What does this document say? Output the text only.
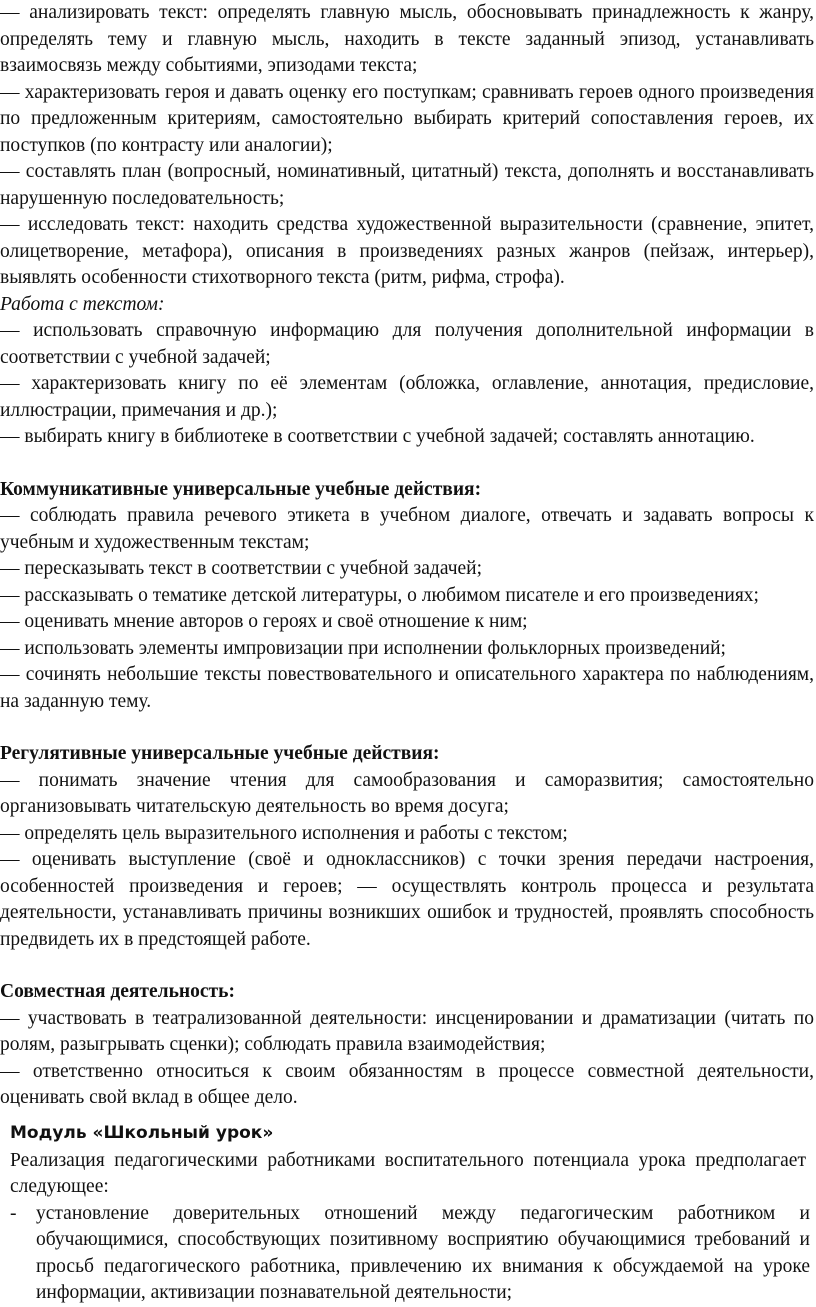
— анализировать текст: определять главную мысль, обосновывать принадлежность к жанру, определять тему и главную мысль, находить в тексте заданный эпизод, устанавливать взаимосвязь между событиями, эпизодами текста;

— характеризовать героя и давать оценку его поступкам; сравнивать героев одного произведения по предложенным критериям, самостоятельно выбирать критерий сопоставления героев, их поступков (по контрасту или аналогии);

— составлять план (вопросный, номинативный, цитатный) текста, дополнять и восстанавливать нарушенную последовательность;

— исследовать текст: находить средства художественной выразительности (сравнение, эпитет, олицетворение, метафора), описания в произведениях разных жанров (пейзаж, интерьер), выявлять особенности стихотворного текста (ритм, рифма, строфа).

Работа с текстом:

— использовать справочную информацию для получения дополнительной информации в соответствии с учебной задачей;

— характеризовать книгу по её элементам (обложка, оглавление, аннотация, предисловие, иллюстрации, примечания и др.);

— выбирать книгу в библиотеке в соответствии с учебной задачей; составлять аннотацию.

Коммуникативные универсальные учебные действия:

— соблюдать правила речевого этикета в учебном диалоге, отвечать и задавать вопросы к учебным и художественным текстам;

— пересказывать текст в соответствии с учебной задачей;

— рассказывать о тематике детской литературы, о любимом писателе и его произведениях;

— оценивать мнение авторов о героях и своё отношение к ним;

— использовать элементы импровизации при исполнении фольклорных произведений;

— сочинять небольшие тексты повествовательного и описательного характера по наблюдениям, на заданную тему.

Регулятивные универсальные учебные действия:

— понимать значение чтения для самообразования и саморазвития; самостоятельно организовывать читательскую деятельность во время досуга;

— определять цель выразительного исполнения и работы с текстом;

— оценивать выступление (своё и одноклассников) с точки зрения передачи настроения, особенностей произведения и героев; — осуществлять контроль процесса и результата деятельности, устанавливать причины возникших ошибок и трудностей, проявлять способность предвидеть их в предстоящей работе.

Совместная деятельность:

— участвовать в театрализованной деятельности: инсценировании и драматизации (читать по ролям, разыгрывать сценки); соблюдать правила взаимодействия;

— ответственно относиться к своим обязанностям в процессе совместной деятельности, оценивать свой вклад в общее дело.

Модуль «Школьный урок»

Реализация педагогическими работниками воспитательного потенциала урока предполагает следующее:

-	установление доверительных отношений между педагогическим работником и обучающимися, способствующих позитивному восприятию обучающимися требований и просьб педагогического работника, привлечению их внимания к обсуждаемой на уроке информации, активизации познавательной деятельности;
